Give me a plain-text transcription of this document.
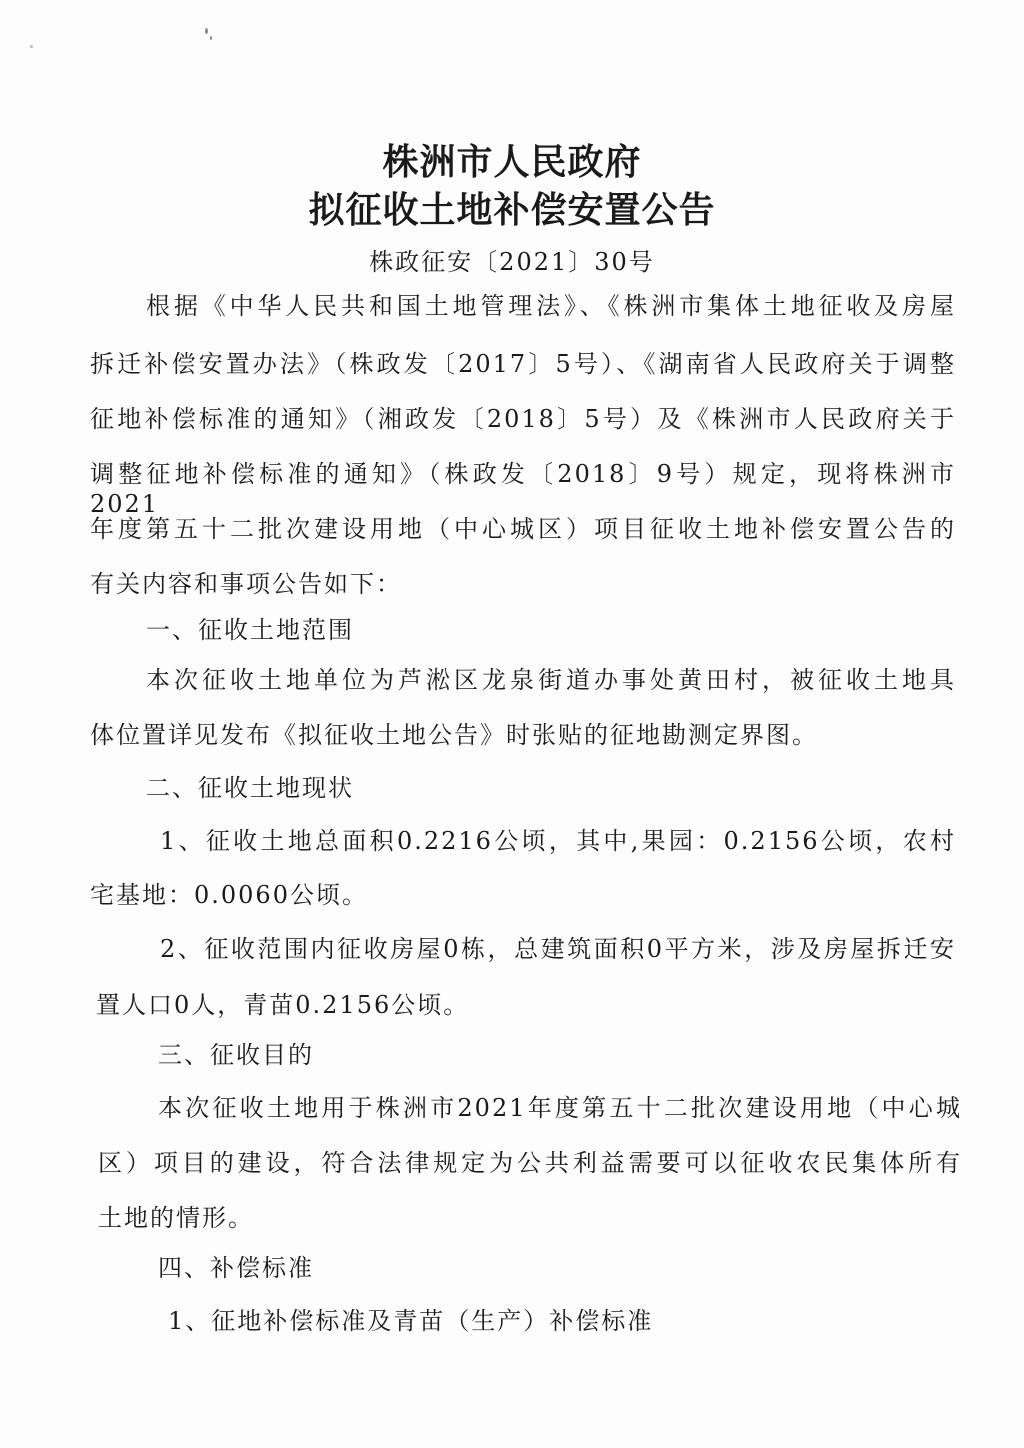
株洲市人民政府
拟征收土地补偿安置公告
株政征安〔2021〕30号
根据《中华人民共和国土地管理法》、《株洲市集体土地征收及房屋
拆迁补偿安置办法》（株政发〔2017〕5号）、《湖南省人民政府关于调整
征地补偿标准的通知》（湘政发〔2018〕5号）及《株洲市人民政府关于
调整征地补偿标准的通知》（株政发〔2018〕9号）规定，现将株洲市2021
年度第五十二批次建设用地（中心城区）项目征收土地补偿安置公告的
有关内容和事项公告如下：
一、征收土地范围
本次征收土地单位为芦淞区龙泉街道办事处黄田村，被征收土地具
体位置详见发布《拟征收土地公告》时张贴的征地勘测定界图。
二、征收土地现状
1、征收土地总面积0.2216公顷，其中,果园：0.2156公顷，农村
宅基地：0.0060公顷。
2、征收范围内征收房屋0栋，总建筑面积0平方米，涉及房屋拆迁安
置人口0人，青苗0.2156公顷。
三、征收目的
本次征收土地用于株洲市2021年度第五十二批次建设用地（中心城
区）项目的建设，符合法律规定为公共利益需要可以征收农民集体所有
土地的情形。
四、补偿标准
1、征地补偿标准及青苗（生产）补偿标准
